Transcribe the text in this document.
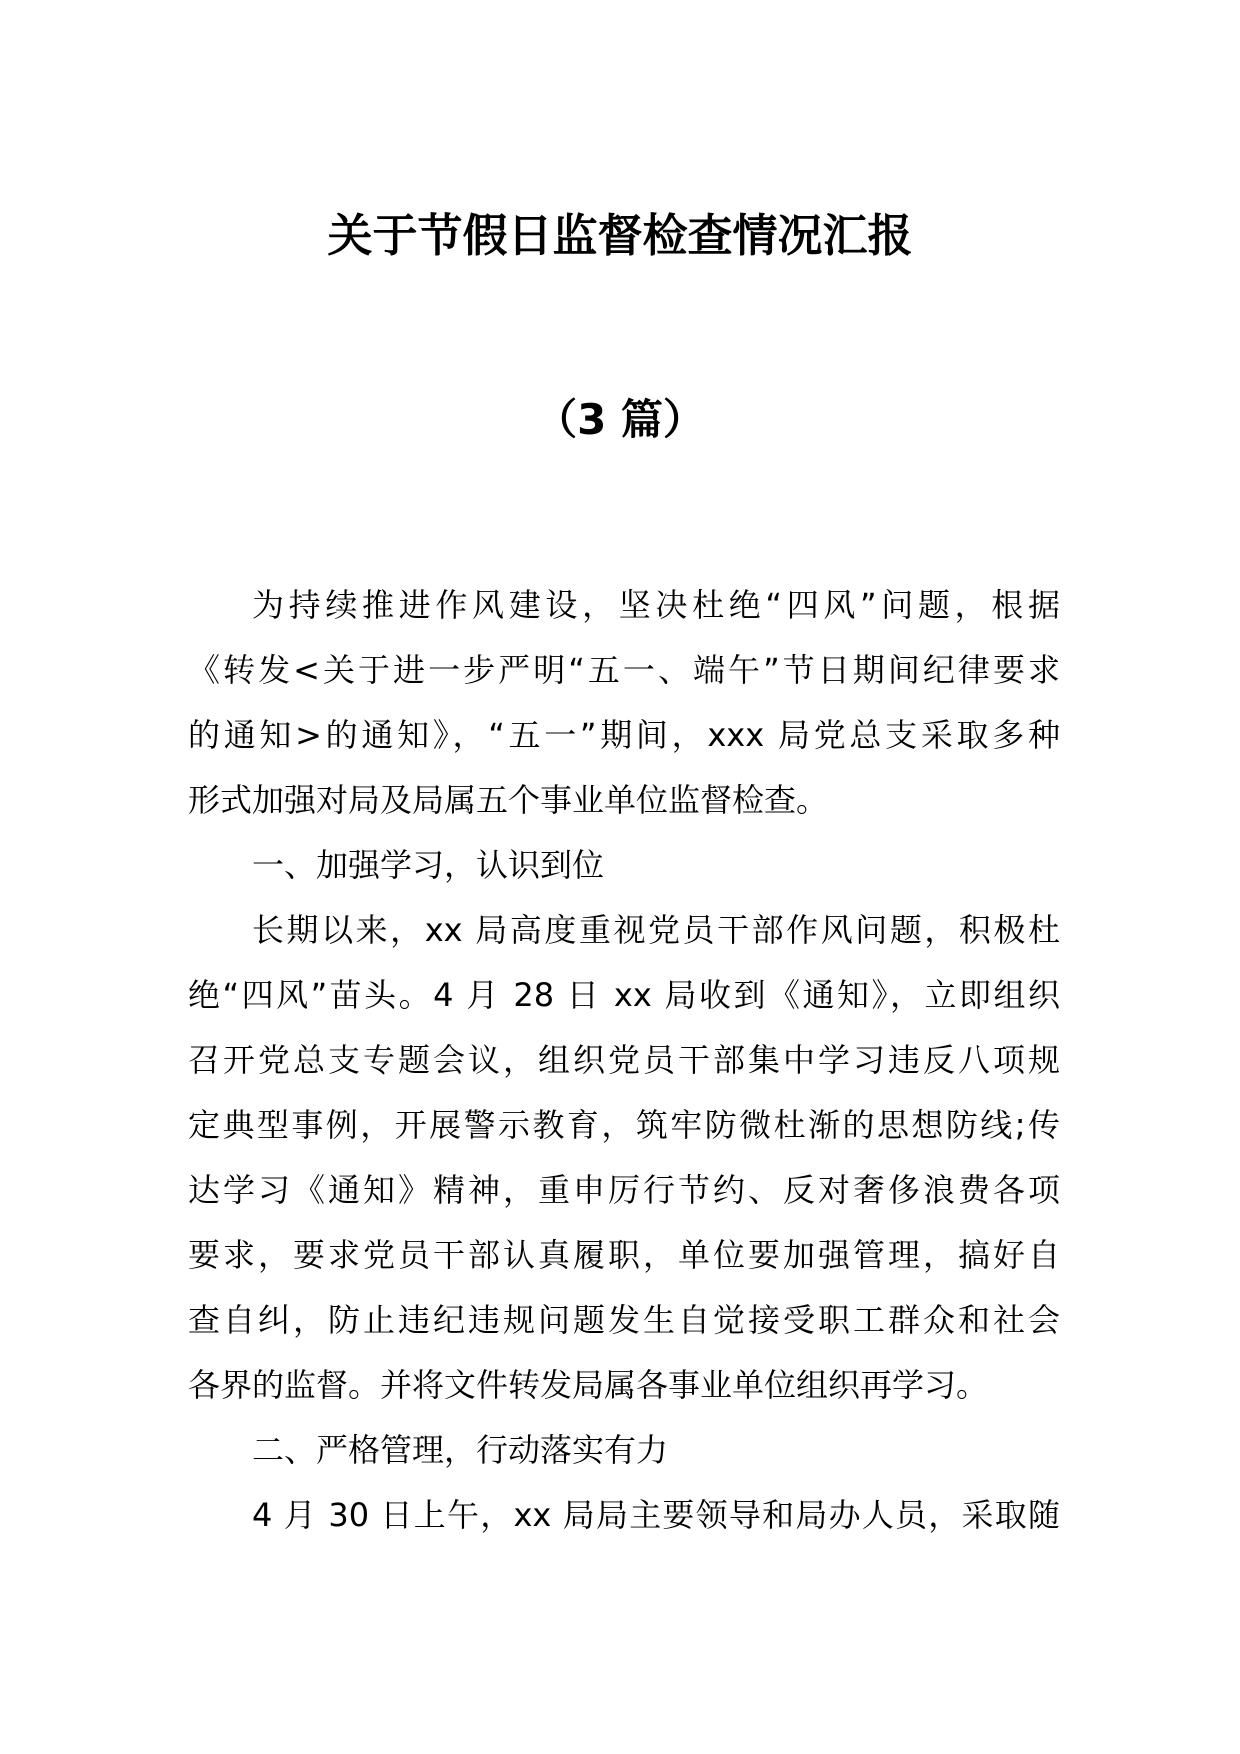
关于节假日监督检查情况汇报
（3 篇）
为持续推进作风建设，坚决杜绝“四风”问题，根据
《转发<关于进一步严明“五一、端午”节日期间纪律要求
的通知>的通知》，“五一”期间，xxx 局党总支采取多种
形式加强对局及局属五个事业单位监督检查。
一、加强学习，认识到位
长期以来，xx 局高度重视党员干部作风问题，积极杜
绝“四风”苗头。4 月 28 日 xx 局收到《通知》，立即组织
召开党总支专题会议，组织党员干部集中学习违反八项规
定典型事例，开展警示教育，筑牢防微杜渐的思想防线;传
达学习《通知》精神，重申厉行节约、反对奢侈浪费各项
要求，要求党员干部认真履职，单位要加强管理，搞好自
查自纠，防止违纪违规问题发生自觉接受职工群众和社会
各界的监督。并将文件转发局属各事业单位组织再学习。
二、严格管理，行动落实有力
4 月 30 日上午，xx 局局主要领导和局办人员，采取随
